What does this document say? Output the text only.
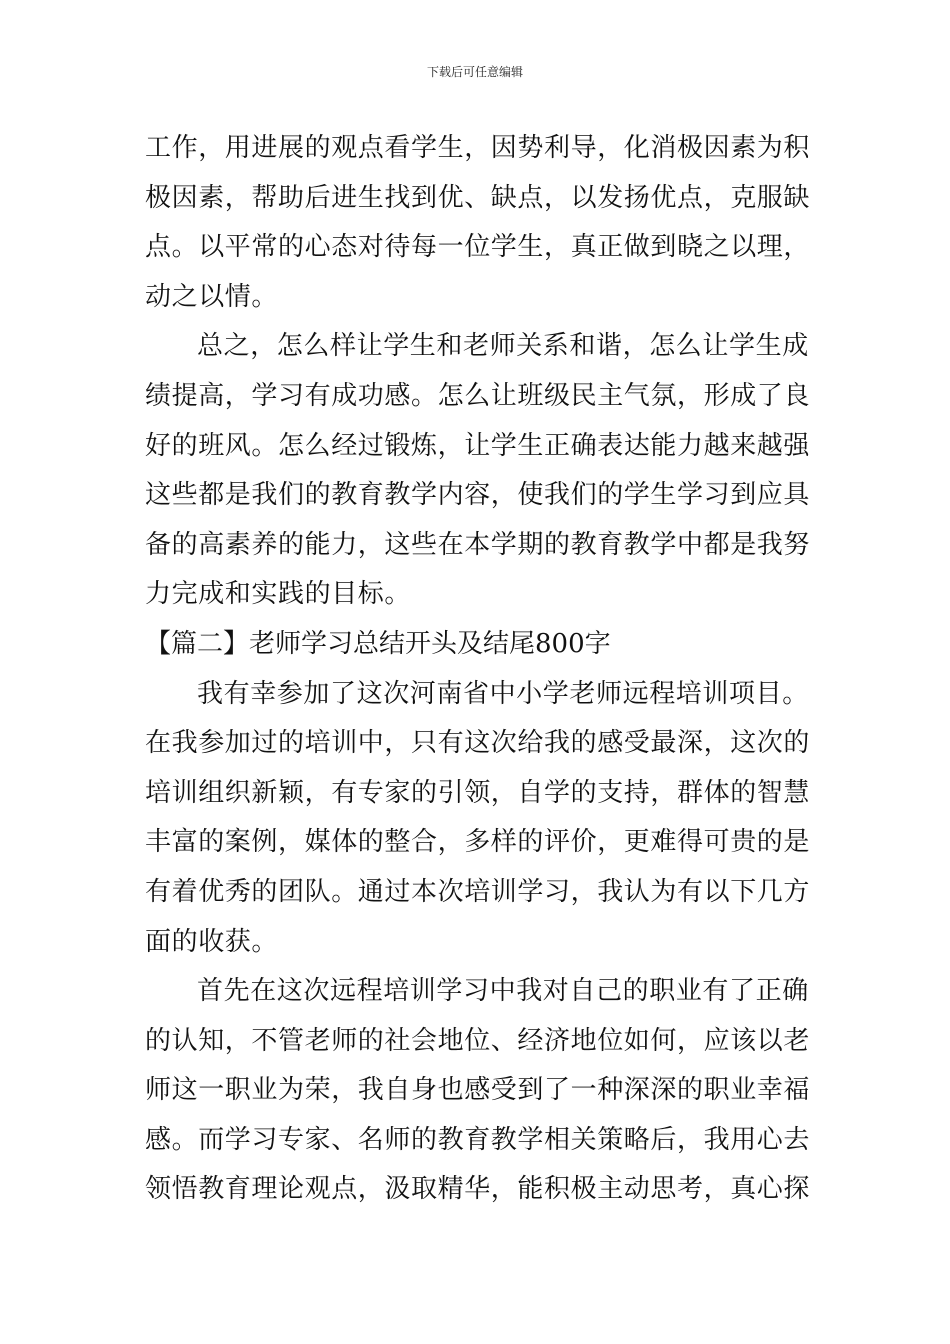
下载后可任意编辑
工作，用进展的观点看学生，因势利导，化消极因素为积
极因素，帮助后进生找到优、缺点，以发扬优点，克服缺
点。以平常的心态对待每一位学生，真正做到晓之以理，
动之以情。
总之，怎么样让学生和老师关系和谐，怎么让学生成
绩提高，学习有成功感。怎么让班级民主气氛，形成了良
好的班风。怎么经过锻炼，让学生正确表达能力越来越强
这些都是我们的教育教学内容，使我们的学生学习到应具
备的高素养的能力，这些在本学期的教育教学中都是我努
力完成和实践的目标。
【篇二】老师学习总结开头及结尾800字
我有幸参加了这次河南省中小学老师远程培训项目。
在我参加过的培训中，只有这次给我的感受最深，这次的
培训组织新颖，有专家的引领，自学的支持，群体的智慧
丰富的案例，媒体的整合，多样的评价，更难得可贵的是
有着优秀的团队。通过本次培训学习，我认为有以下几方
面的收获。
首先在这次远程培训学习中我对自己的职业有了正确
的认知，不管老师的社会地位、经济地位如何，应该以老
师这一职业为荣，我自身也感受到了一种深深的职业幸福
感。而学习专家、名师的教育教学相关策略后，我用心去
领悟教育理论观点，汲取精华，能积极主动思考，真心探
